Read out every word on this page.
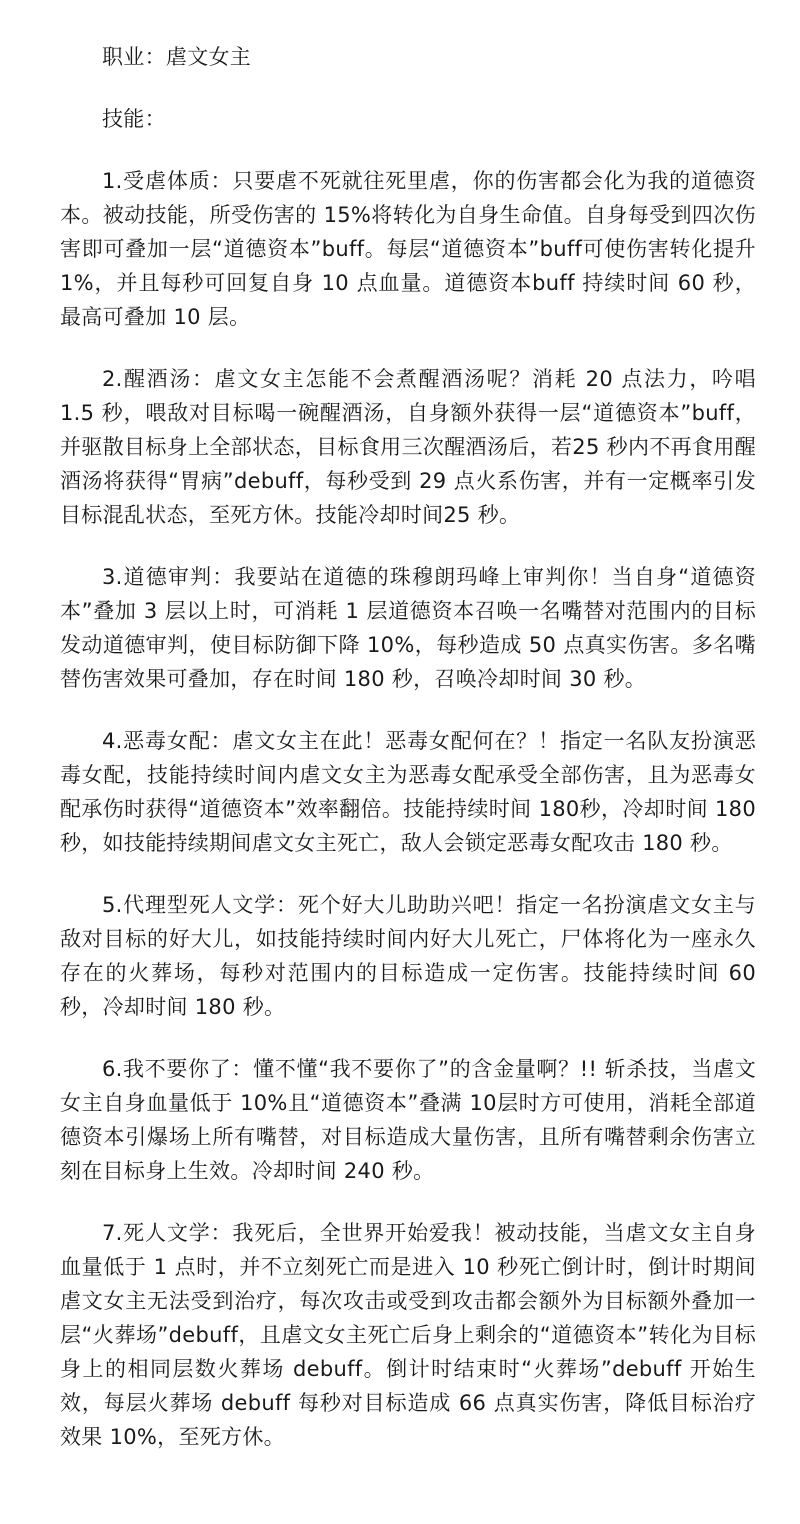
职业：虐文女主

技能：

1.受虐体质：只要虐不死就往死里虐，你的伤害都会化为我的道德资本。被动技能，所受伤害的 15%将转化为自身生命值。自身每受到四次伤害即可叠加一层“道德资本”buff。每层“道德资本”buff可使伤害转化提升 1%，并且每秒可回复自身 10 点血量。道德资本buff 持续时间 60 秒，最高可叠加 10 层。

2.醒酒汤：虐文女主怎能不会煮醒酒汤呢？消耗 20 点法力，吟唱 1.5 秒，喂敌对目标喝一碗醒酒汤，自身额外获得一层“道德资本”buff，并驱散目标身上全部状态，目标食用三次醒酒汤后，若25 秒内不再食用醒酒汤将获得“胃病”debuff，每秒受到 29 点火系伤害，并有一定概率引发目标混乱状态，至死方休。技能冷却时间25 秒。

3.道德审判：我要站在道德的珠穆朗玛峰上审判你！当自身“道德资本”叠加 3 层以上时，可消耗 1 层道德资本召唤一名嘴替对范围内的目标发动道德审判，使目标防御下降 10%，每秒造成 50 点真实伤害。多名嘴替伤害效果可叠加，存在时间 180 秒，召唤冷却时间 30 秒。

4.恶毒女配：虐文女主在此！恶毒女配何在？！指定一名队友扮演恶毒女配，技能持续时间内虐文女主为恶毒女配承受全部伤害，且为恶毒女配承伤时获得“道德资本”效率翻倍。技能持续时间 180秒，冷却时间 180 秒，如技能持续期间虐文女主死亡，敌人会锁定恶毒女配攻击 180 秒。

5.代理型死人文学：死个好大儿助助兴吧！指定一名扮演虐文女主与敌对目标的好大儿，如技能持续时间内好大儿死亡，尸体将化为一座永久存在的火葬场，每秒对范围内的目标造成一定伤害。技能持续时间 60 秒，冷却时间 180 秒。

6.我不要你了：懂不懂“我不要你了”的含金量啊？!! 斩杀技，当虐文女主自身血量低于 10%且“道德资本”叠满 10层时方可使用，消耗全部道德资本引爆场上所有嘴替，对目标造成大量伤害，且所有嘴替剩余伤害立刻在目标身上生效。冷却时间 240 秒。

7.死人文学：我死后，全世界开始爱我！被动技能，当虐文女主自身血量低于 1 点时，并不立刻死亡而是进入 10 秒死亡倒计时，倒计时期间虐文女主无法受到治疗，每次攻击或受到攻击都会额外为目标额外叠加一层“火葬场”debuff，且虐文女主死亡后身上剩余的“道德资本”转化为目标身上的相同层数火葬场 debuff。倒计时结束时“火葬场”debuff 开始生效，每层火葬场 debuff 每秒对目标造成 66 点真实伤害，降低目标治疗效果 10%，至死方休。
